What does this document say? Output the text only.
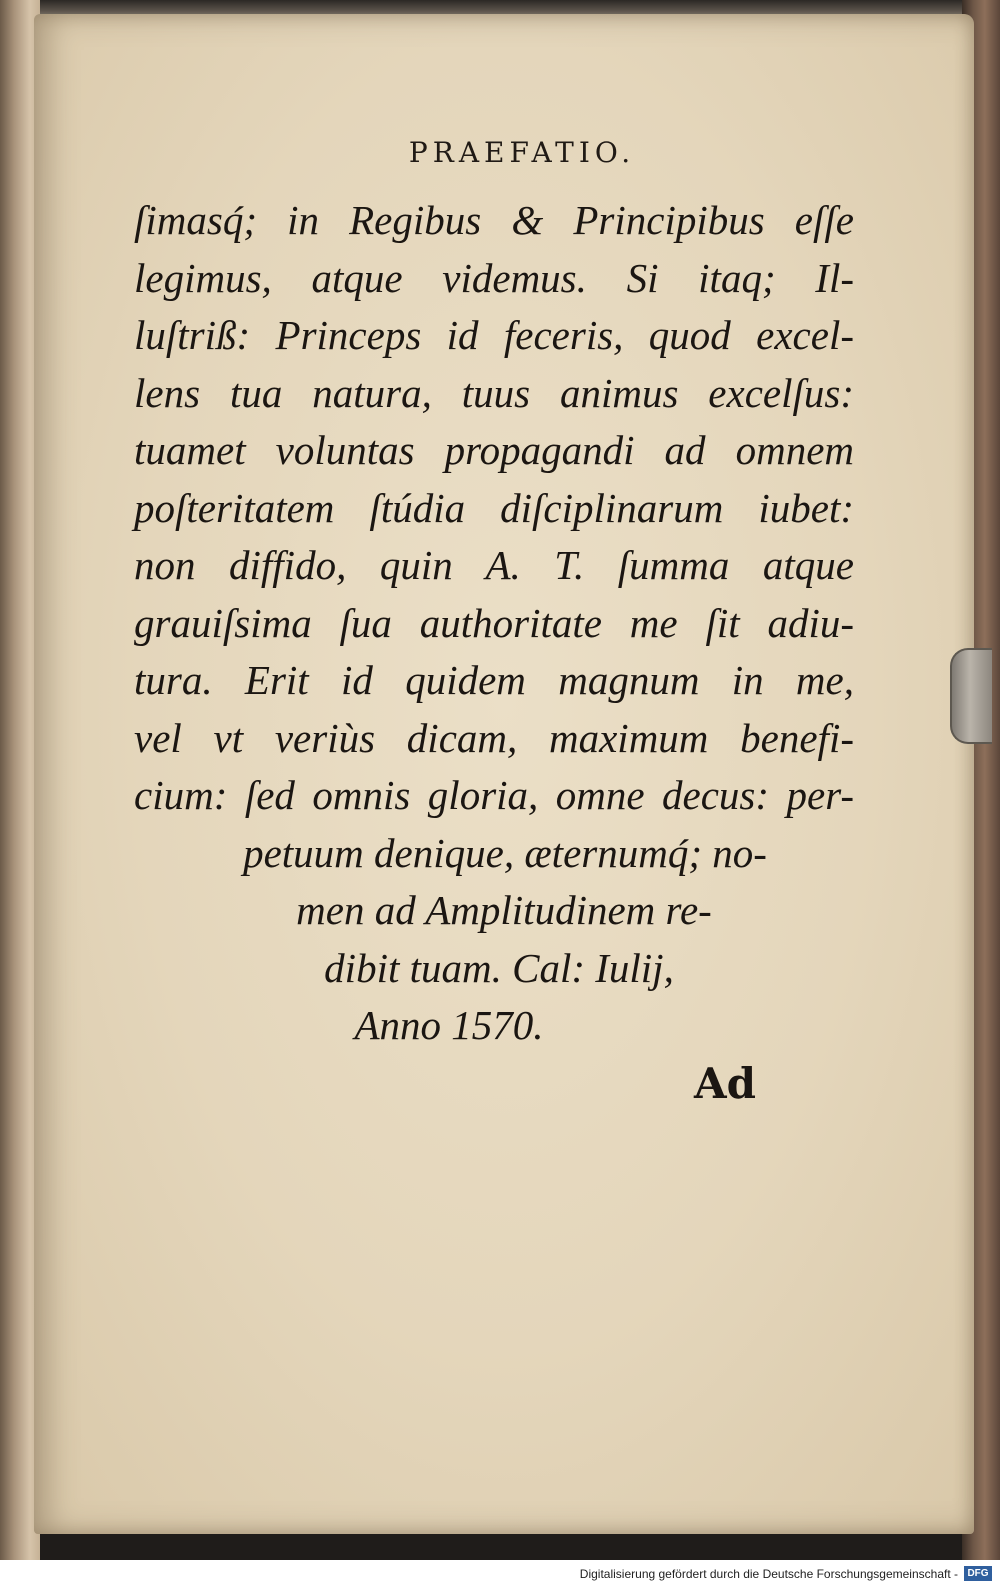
PRAEFATIO.
ſimasq́; in Regibus & Principibus eſſe
legimus, atque videmus. Si itaq; Il-
luſtriß: Princeps id feceris, quod excel-
lens tua natura, tuus animus excelſus:
tuamet voluntas propagandi ad omnem
poſteritatem ſtúdia diſciplinarum iubet:
non diffido, quin A. T. ſumma atque
grauiſsima ſua authoritate me ſit adiu-
tura. Erit id quidem magnum in me,
vel vt veriùs dicam, maximum benefi-
cium: ſed omnis gloria, omne decus: per-
petuum denique, æternumq́; no-
men ad Amplitudinem re-
dibit tuam. Cal: Iulij,
Anno 1570.
Ad
Digitalisierung gefördert durch die Deutsche Forschungsgemeinschaft - DFG
